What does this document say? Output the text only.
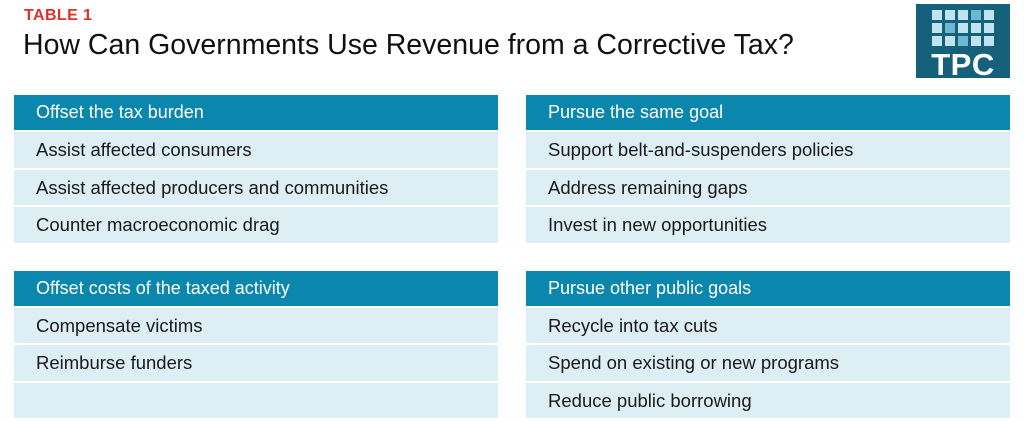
TABLE 1
How Can Governments Use Revenue from a Corrective Tax?
TPC
Offset the tax burden
Assist affected consumers
Assist affected producers and communities
Counter macroeconomic drag
Pursue the same goal
Support belt-and-suspenders policies
Address remaining gaps
Invest in new opportunities
Offset costs of the taxed activity
Compensate victims
Reimburse funders
Pursue other public goals
Recycle into tax cuts
Spend on existing or new programs
Reduce public borrowing
